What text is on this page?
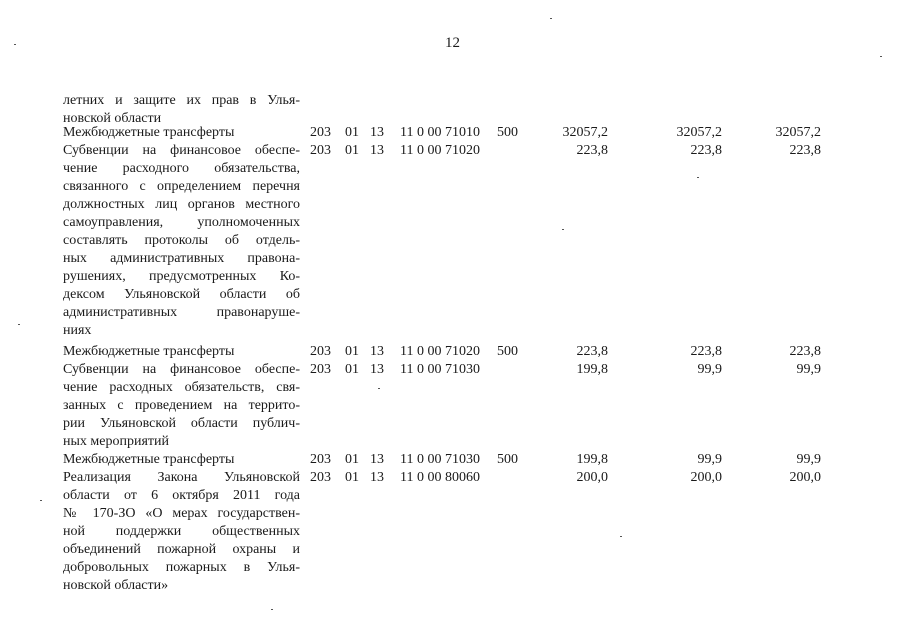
12
летних и защите их прав в Улья-
новской области
Межбюджетные трансферты	203 01 13 11 0 00 71010 500	32057,2	32057,2	32057,2
Субвенции на финансовое обеспе-
чение расходного обязательства,
связанного с определением перечня
должностных лиц органов местного
самоуправления, уполномоченных
составлять протоколы об отдель-
ных административных правона-
рушениях, предусмотренных Ко-
дексом Ульяновской области об
административных правонаруше-
ниях
203 01 13 11 0 00 71020	223,8	223,8	223,8
Межбюджетные трансферты	203 01 13 11 0 00 71020 500	223,8	223,8	223,8
Субвенции на финансовое обеспе-
чение расходных обязательств, свя-
занных с проведением на террито-
рии Ульяновской области публич-
ных мероприятий
203 01 13 11 0 00 71030	199,8	99,9	99,9
Межбюджетные трансферты	203 01 13 11 0 00 71030 500	199,8	99,9	99,9
Реализация Закона Ульяновской
области от 6 октября 2011 года
№ 170-ЗО «О мерах государствен-
ной поддержки общественных
объединений пожарной охраны и
добровольных пожарных в Улья-
новской области»
203 01 13 11 0 00 80060	200,0	200,0	200,0
